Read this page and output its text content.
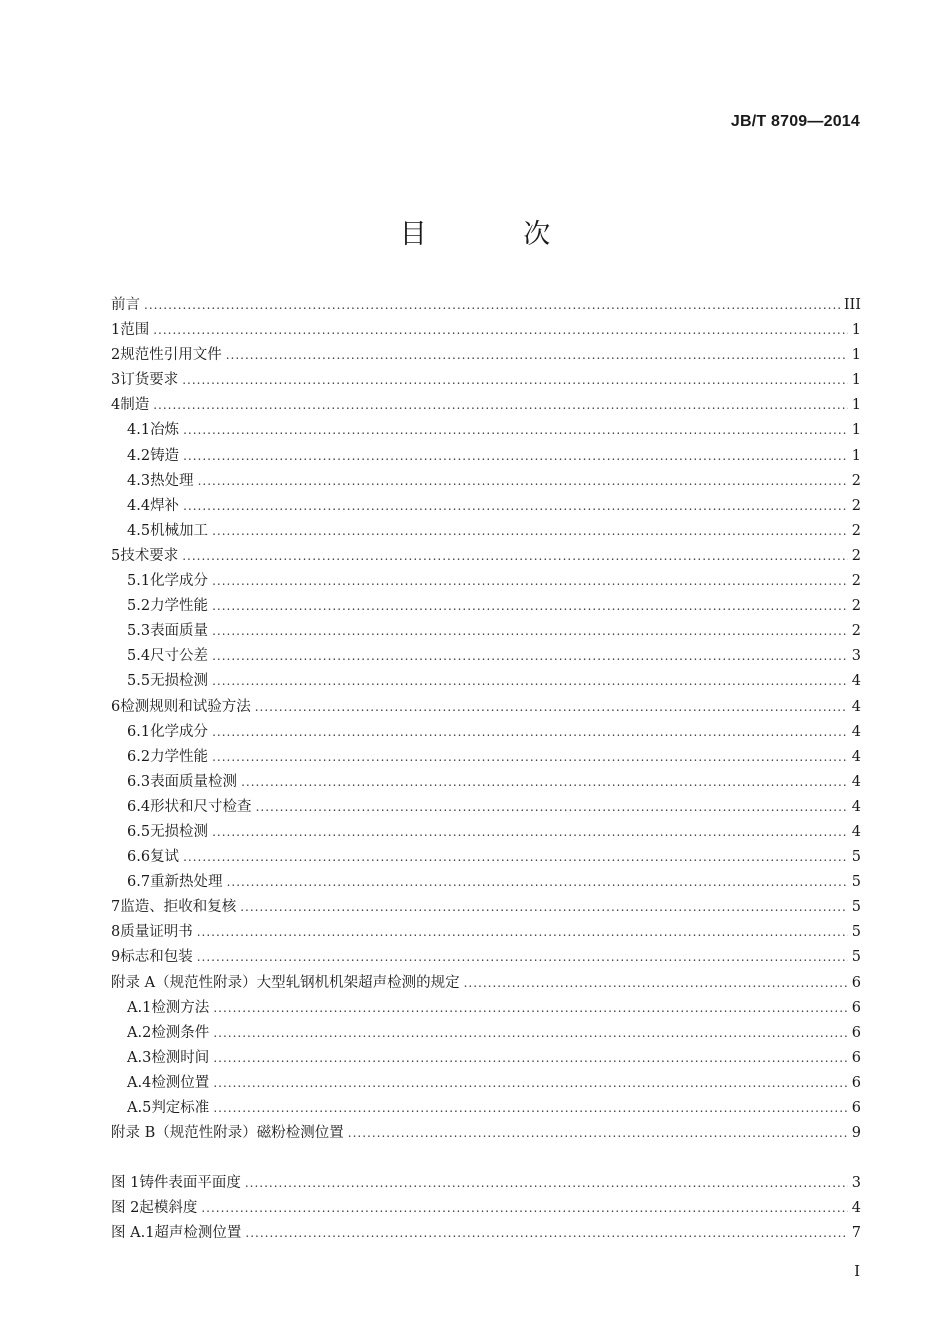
JB/T 8709—2014
目 次
前言 .....	III
1 范围 .....	1
2 规范性引用文件 .....	1
3 订货要求 .....	1
4 制造 .....	1
4.1 冶炼 .....	1
4.2 铸造 .....	1
4.3 热处理 .....	2
4.4 焊补 .....	2
4.5 机械加工 .....	2
5 技术要求 .....	2
5.1 化学成分 .....	2
5.2 力学性能 .....	2
5.3 表面质量 .....	2
5.4 尺寸公差 .....	3
5.5 无损检测 .....	4
6 检测规则和试验方法 .....	4
6.1 化学成分 .....	4
6.2 力学性能 .....	4
6.3 表面质量检测 .....	4
6.4 形状和尺寸检查 .....	4
6.5 无损检测 .....	4
6.6 复试 .....	5
6.7 重新热处理 .....	5
7 监造、拒收和复核 .....	5
8 质量证明书 .....	5
9 标志和包装 .....	5
附录 A（规范性附录）大型轧钢机机架超声检测的规定 .....	6
A.1 检测方法 .....	6
A.2 检测条件 .....	6
A.3 检测时间 .....	6
A.4 检测位置 .....	6
A.5 判定标准 .....	6
附录 B（规范性附录）磁粉检测位置 .....	9
图 1 铸件表面平面度 .....	3
图 2 起模斜度 .....	4
图 A.1 超声检测位置 .....	7
I
